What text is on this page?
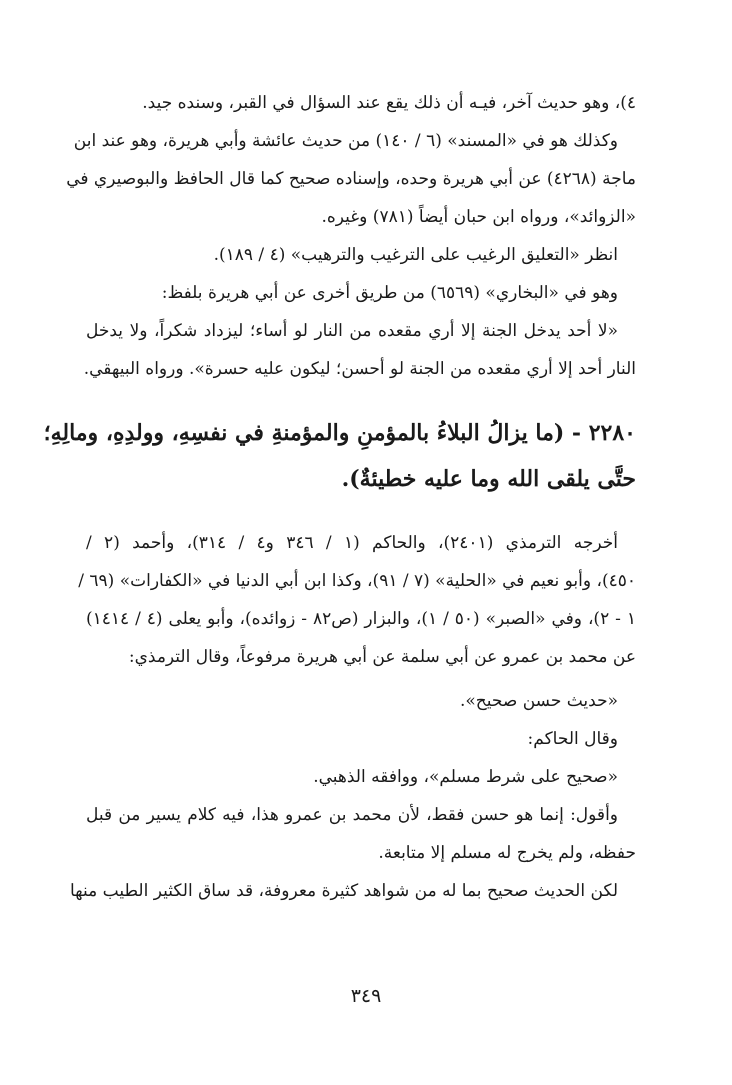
٤)، وهو حديث آخر، فيـه أن ذلك يقع عند السؤال في القبر، وسنده جيد.
وكذلك هو في «المسند» (٦ / ١٤٠) من حديث عائشة وأبي هريرة، وهو عند ابن
ماجة (٤٢٦٨) عن أبي هريرة وحده، وإسناده صحيح كما قال الحافظ والبوصيري في
«الزوائد»، ورواه ابن حبان أيضاً (٧٨١) وغيره.
انظر «التعليق الرغيب على الترغيب والترهيب» (٤ / ١٨٩).
وهو في «البخاري» (٦٥٦٩) من طريق أخرى عن أبي هريرة بلفظ:
«لا أحد يدخل الجنة إلا أري مقعده من النار لو أساء؛ ليزداد شكراً، ولا يدخل
النار أحد إلا أري مقعده من الجنة لو أحسن؛ ليكون عليه حسرة». ورواه البيهقي.
٢٢٨٠ - (ما يزالُ البلاءُ بالمؤمنِ والمؤمنةِ في نفسِهِ، وولدِهِ، ومالِهِ؛
حتَّى يلقى الله وما عليه خطيئةٌ).
أخرجه الترمذي (٢٤٠١)، والحاكم (١ / ٣٤٦ و٤ / ٣١٤)، وأحمد (٢ /
٤٥٠)، وأبو نعيم في «الحلية» (٧ / ٩١)، وكذا ابن أبي الدنيا في «الكفارات» (٦٩ /
١ - ٢)، وفي «الصبر» (٥٠ / ١)، والبزار (ص٨٢ - زوائده)، وأبو يعلى (٤ / ١٤١٤)
عن محمد بن عمرو عن أبي سلمة عن أبي هريرة مرفوعاً، وقال الترمذي:
«حديث حسن صحيح».
وقال الحاكم:
«صحيح على شرط مسلم»، ووافقه الذهبي.
وأقول: إنما هو حسن فقط، لأن محمد بن عمرو هذا، فيه كلام يسير من قبل
حفظه، ولم يخرج له مسلم إلا متابعة.
لكن الحديث صحيح بما له من شواهد كثيرة معروفة، قد ساق الكثير الطيب منها
٣٤٩
